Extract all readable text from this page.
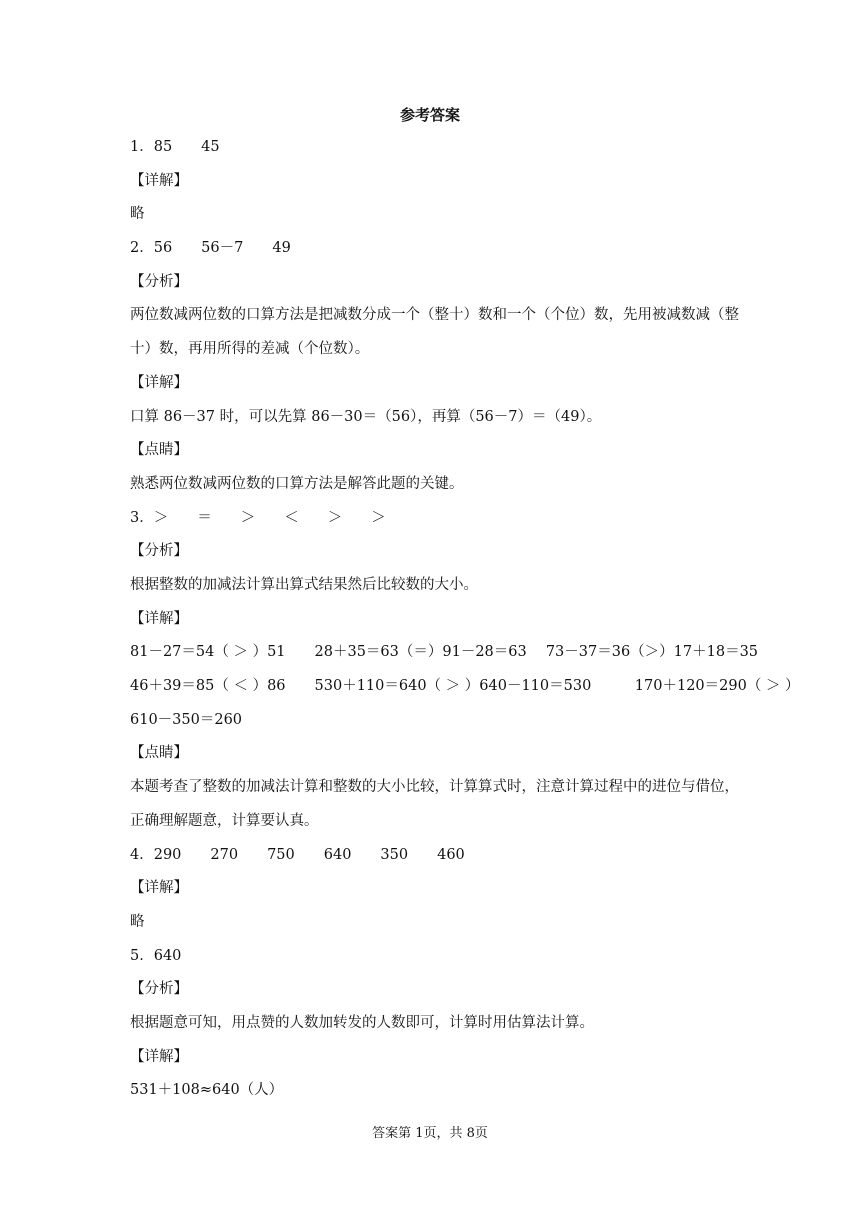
参考答案
1．85　　45
【详解】
略
2．56　　56－7　　49
【分析】
两位数减两位数的口算方法是把减数分成一个（整十）数和一个（个位）数，先用被减数减（整十）数，再用所得的差减（个位数）。
【详解】
口算 86－37 时，可以先算 86－30＝（56），再算（56－7）＝（49）。
【点睛】
熟悉两位数减两位数的口算方法是解答此题的关键。
3．＞　　＝　　＞　　＜　　＞　　＞
【分析】
根据整数的加减法计算出算式结果然后比较数的大小。
【详解】
81－27＝54（ ＞ ）51　　28＋35＝63（＝）91－28＝63　 73－37＝36（＞）17＋18＝35
46＋39＝85（ ＜ ）86　　530＋110＝640（ ＞ ）640－110＝530　　　170＋120＝290（ ＞ ）
610－350＝260
【点睛】
本题考查了整数的加减法计算和整数的大小比较，计算算式时，注意计算过程中的进位与借位，正确理解题意，计算要认真。
4．290　　270　　750　　640　　350　　460
【详解】
略
5．640
【分析】
根据题意可知，用点赞的人数加转发的人数即可，计算时用估算法计算。
【详解】
531＋108≈640（人）
答案第 1页，共 8页
